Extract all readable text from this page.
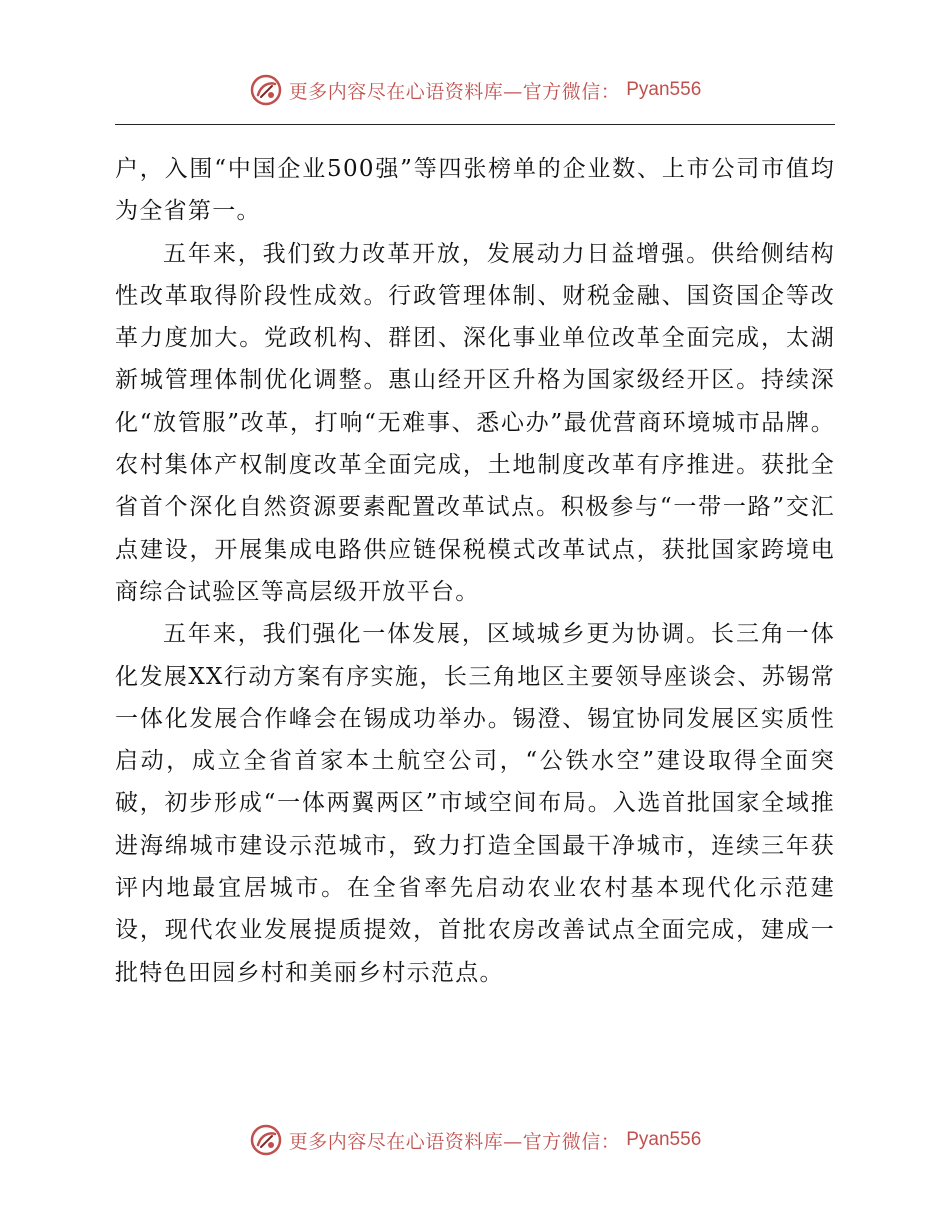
更多内容尽在心语资料库—官方微信： Pyan556

户，入围“中国企业500强”等四张榜单的企业数、上市公司市值均为全省第一。

五年来，我们致力改革开放，发展动力日益增强。供给侧结构性改革取得阶段性成效。行政管理体制、财税金融、国资国企等改革力度加大。党政机构、群团、深化事业单位改革全面完成，太湖新城管理体制优化调整。惠山经开区升格为国家级经开区。持续深化“放管服”改革，打响“无难事、悉心办”最优营商环境城市品牌。农村集体产权制度改革全面完成，土地制度改革有序推进。获批全省首个深化自然资源要素配置改革试点。积极参与“一带一路”交汇点建设，开展集成电路供应链保税模式改革试点，获批国家跨境电商综合试验区等高层级开放平台。

五年来，我们强化一体发展，区域城乡更为协调。长三角一体化发展XX行动方案有序实施，长三角地区主要领导座谈会、苏锡常一体化发展合作峰会在锡成功举办。锡澄、锡宜协同发展区实质性启动，成立全省首家本土航空公司，“公铁水空”建设取得全面突破，初步形成“一体两翼两区”市域空间布局。入选首批国家全域推进海绵城市建设示范城市，致力打造全国最干净城市，连续三年获评内地最宜居城市。在全省率先启动农业农村基本现代化示范建设，现代农业发展提质提效，首批农房改善试点全面完成，建成一批特色田园乡村和美丽乡村示范点。

更多内容尽在心语资料库—官方微信： Pyan556
